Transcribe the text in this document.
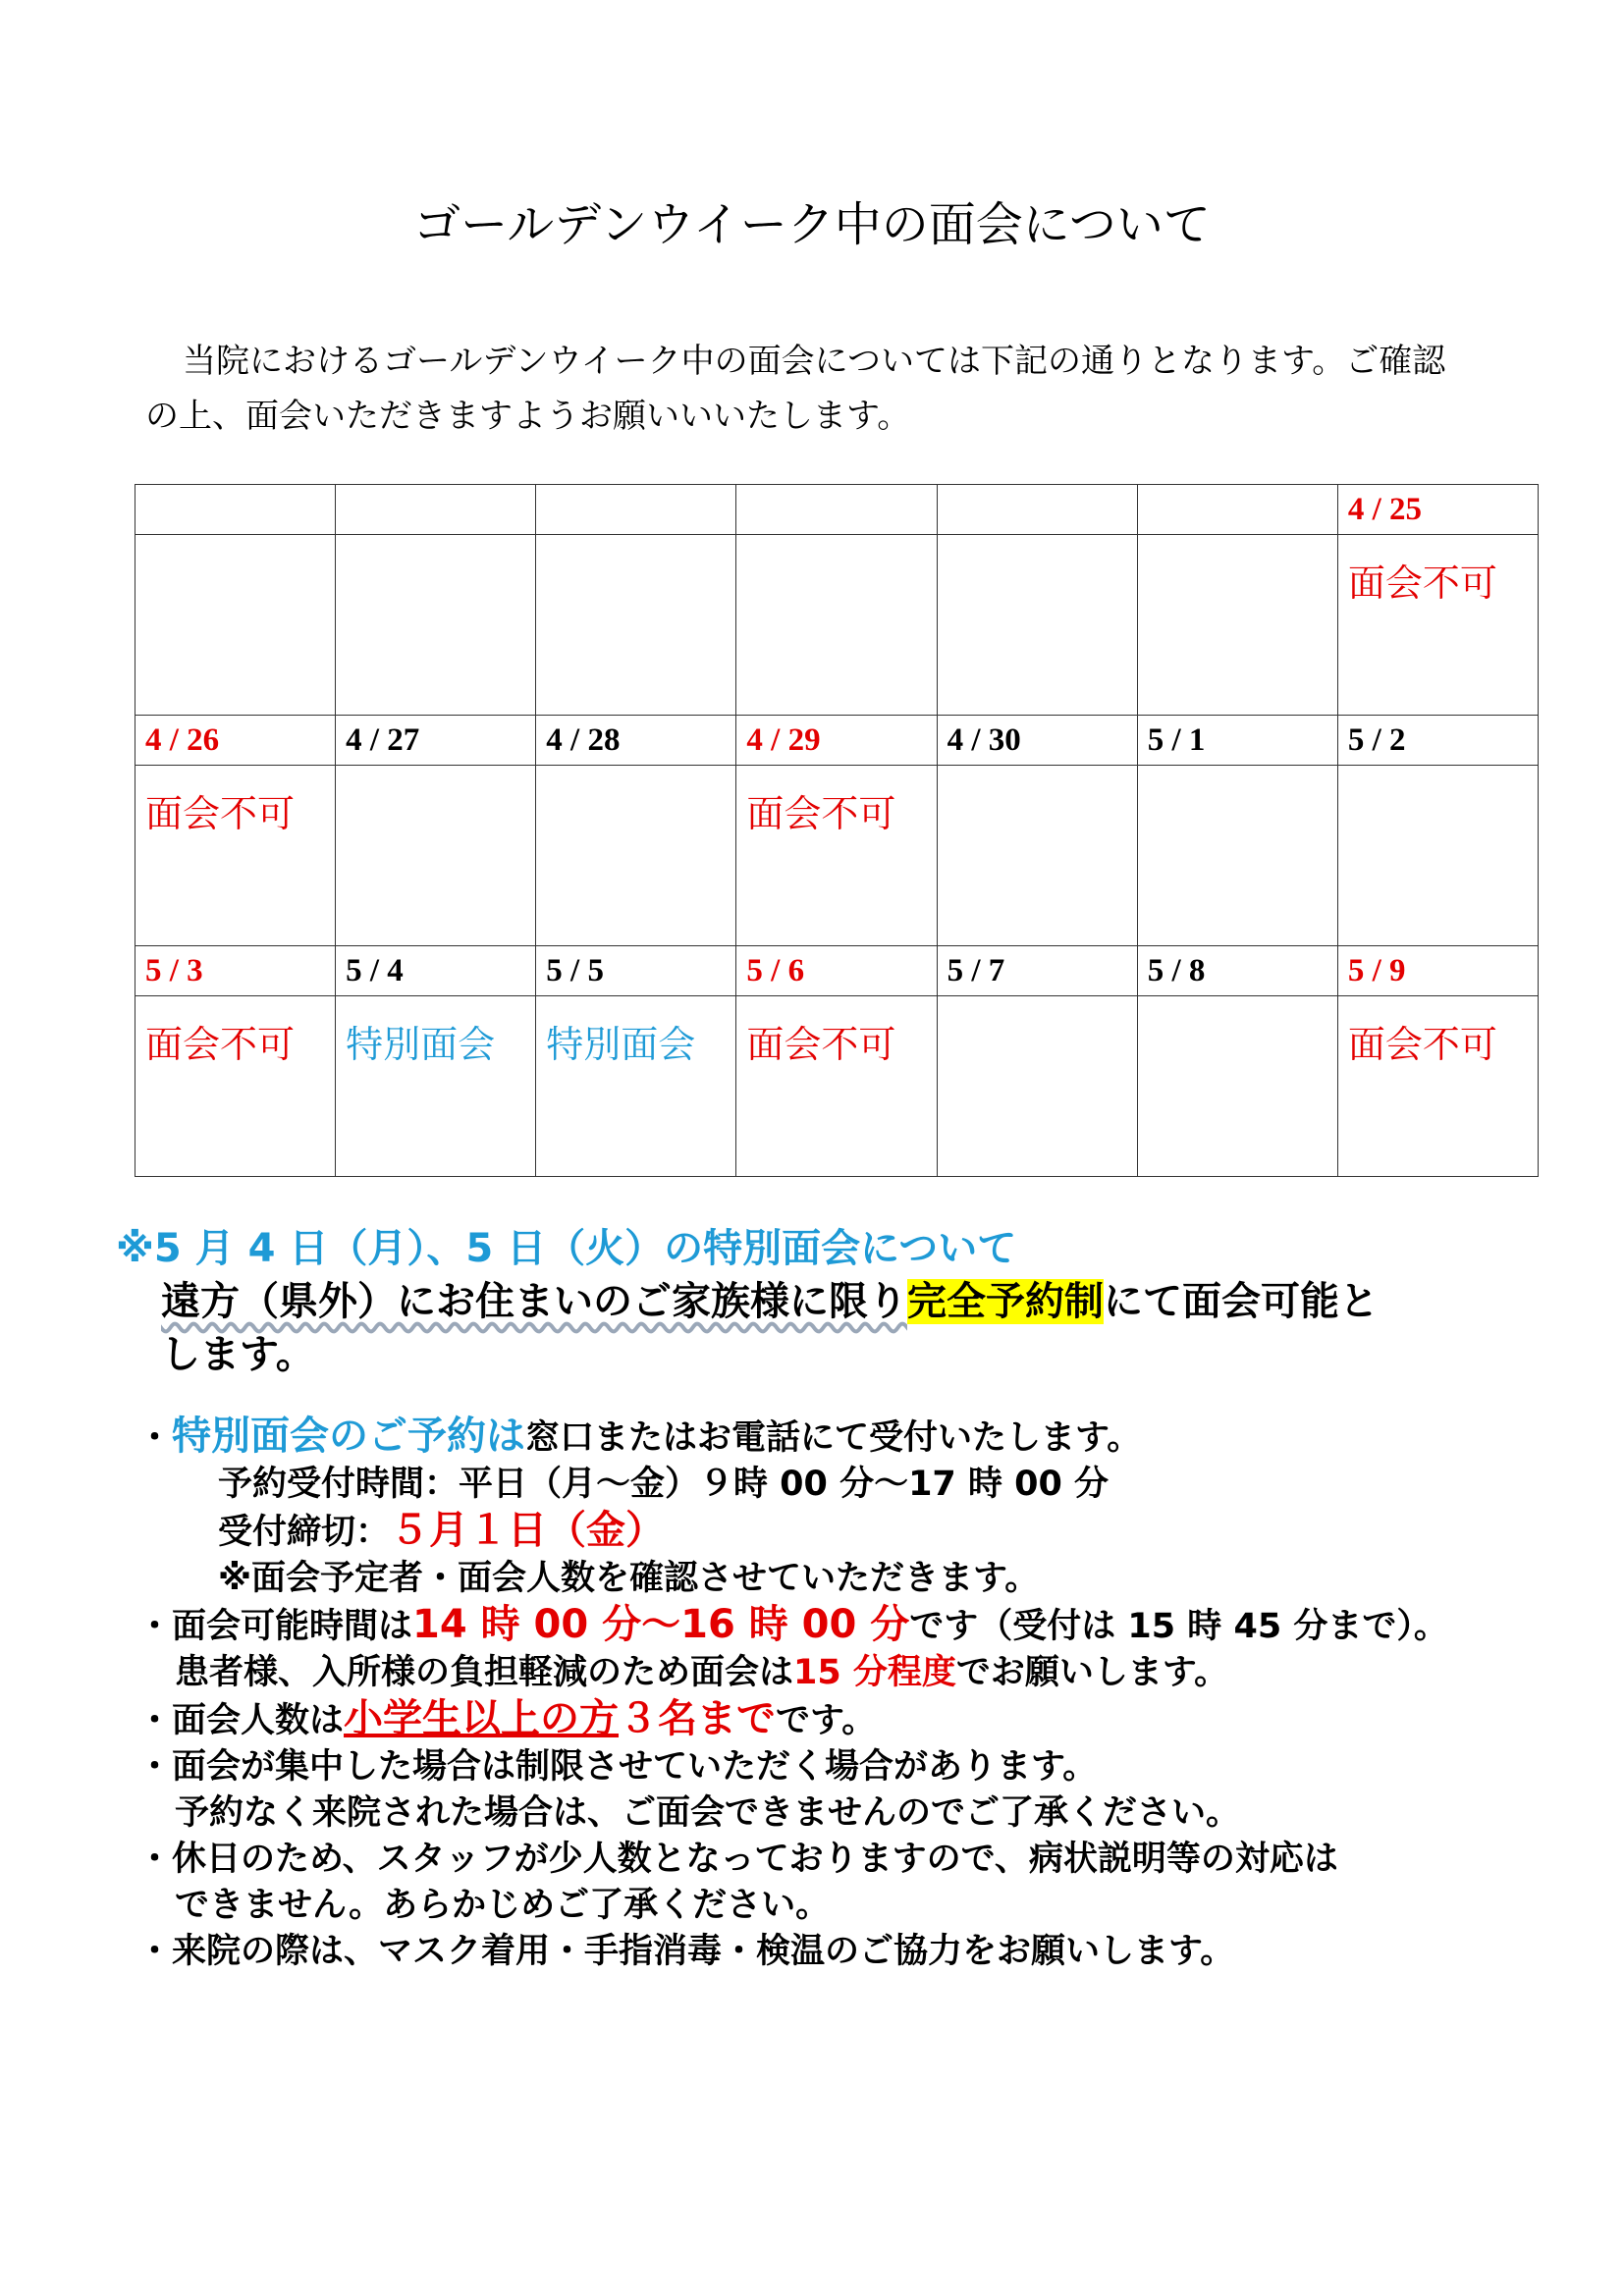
ゴールデンウイーク中の面会について
当院におけるゴールデンウイーク中の面会については下記の通りとなります。ご確認
の上、面会いただきますようお願いいいたします。
						4 / 25
						面会不可
4 / 26	4 / 27	4 / 28	4 / 29	4 / 30	5 / 1	5 / 2
面会不可			面会不可			
5 / 3	5 / 4	5 / 5	5 / 6	5 / 7	5 / 8	5 / 9
面会不可	特別面会	特別面会	面会不可			面会不可
※5 月 4 日（月）、5 日（火）の特別面会について
遠方（県外）にお住まいのご家族様に限り完全予約制にて面会可能と
します。
・特別面会のご予約は窓口またはお電話にて受付いたします。
予約受付時間：平日（月～金）９時 00 分～17 時 00 分
受付締切：５月１日（金）
※面会予定者・面会人数を確認させていただきます。
・面会可能時間は14 時 00 分～16 時 00 分です（受付は 15 時 45 分まで）。
患者様、入所様の負担軽減のため面会は15 分程度でお願いします。
・面会人数は小学生以上の方３名までです。
・面会が集中した場合は制限させていただく場合があります。
予約なく来院された場合は、ご面会できませんのでご了承ください。
・休日のため、スタッフが少人数となっておりますので、病状説明等の対応は
できません。あらかじめご了承ください。
・来院の際は、マスク着用・手指消毒・検温のご協力をお願いします。
